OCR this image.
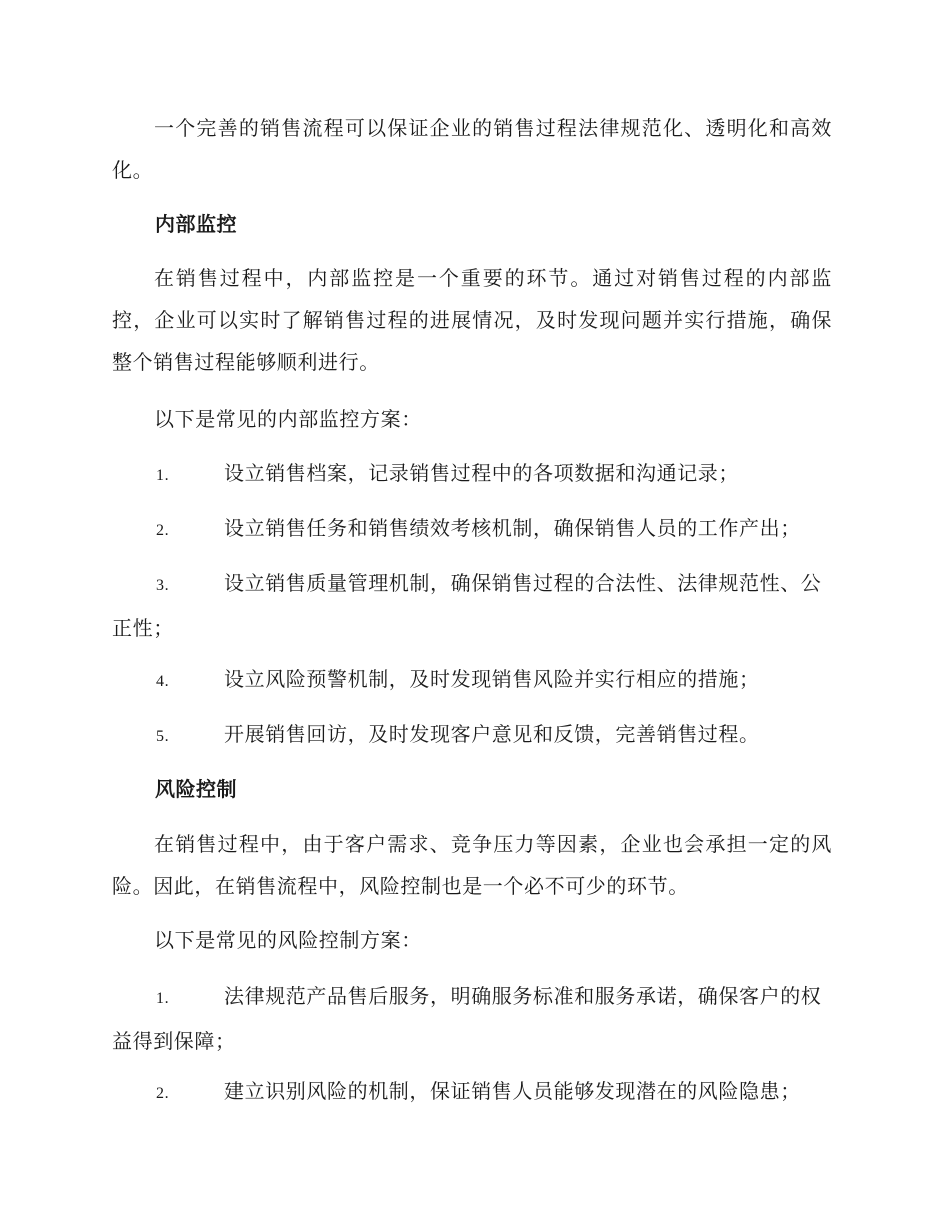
一个完善的销售流程可以保证企业的销售过程法律规范化、透明化和高效化。

内部监控

在销售过程中，内部监控是一个重要的环节。通过对销售过程的内部监控，企业可以实时了解销售过程的进展情况，及时发现问题并实行措施，确保整个销售过程能够顺利进行。

以下是常见的内部监控方案：

1.	设立销售档案，记录销售过程中的各项数据和沟通记录；

2.	设立销售任务和销售绩效考核机制，确保销售人员的工作产出；

3.	设立销售质量管理机制，确保销售过程的合法性、法律规范性、公正性；

4.	设立风险预警机制，及时发现销售风险并实行相应的措施；

5.	开展销售回访，及时发现客户意见和反馈，完善销售过程。

风险控制

在销售过程中，由于客户需求、竞争压力等因素，企业也会承担一定的风险。因此，在销售流程中，风险控制也是一个必不可少的环节。

以下是常见的风险控制方案：

1.	法律规范产品售后服务，明确服务标准和服务承诺，确保客户的权益得到保障；

2.	建立识别风险的机制，保证销售人员能够发现潜在的风险隐患；
